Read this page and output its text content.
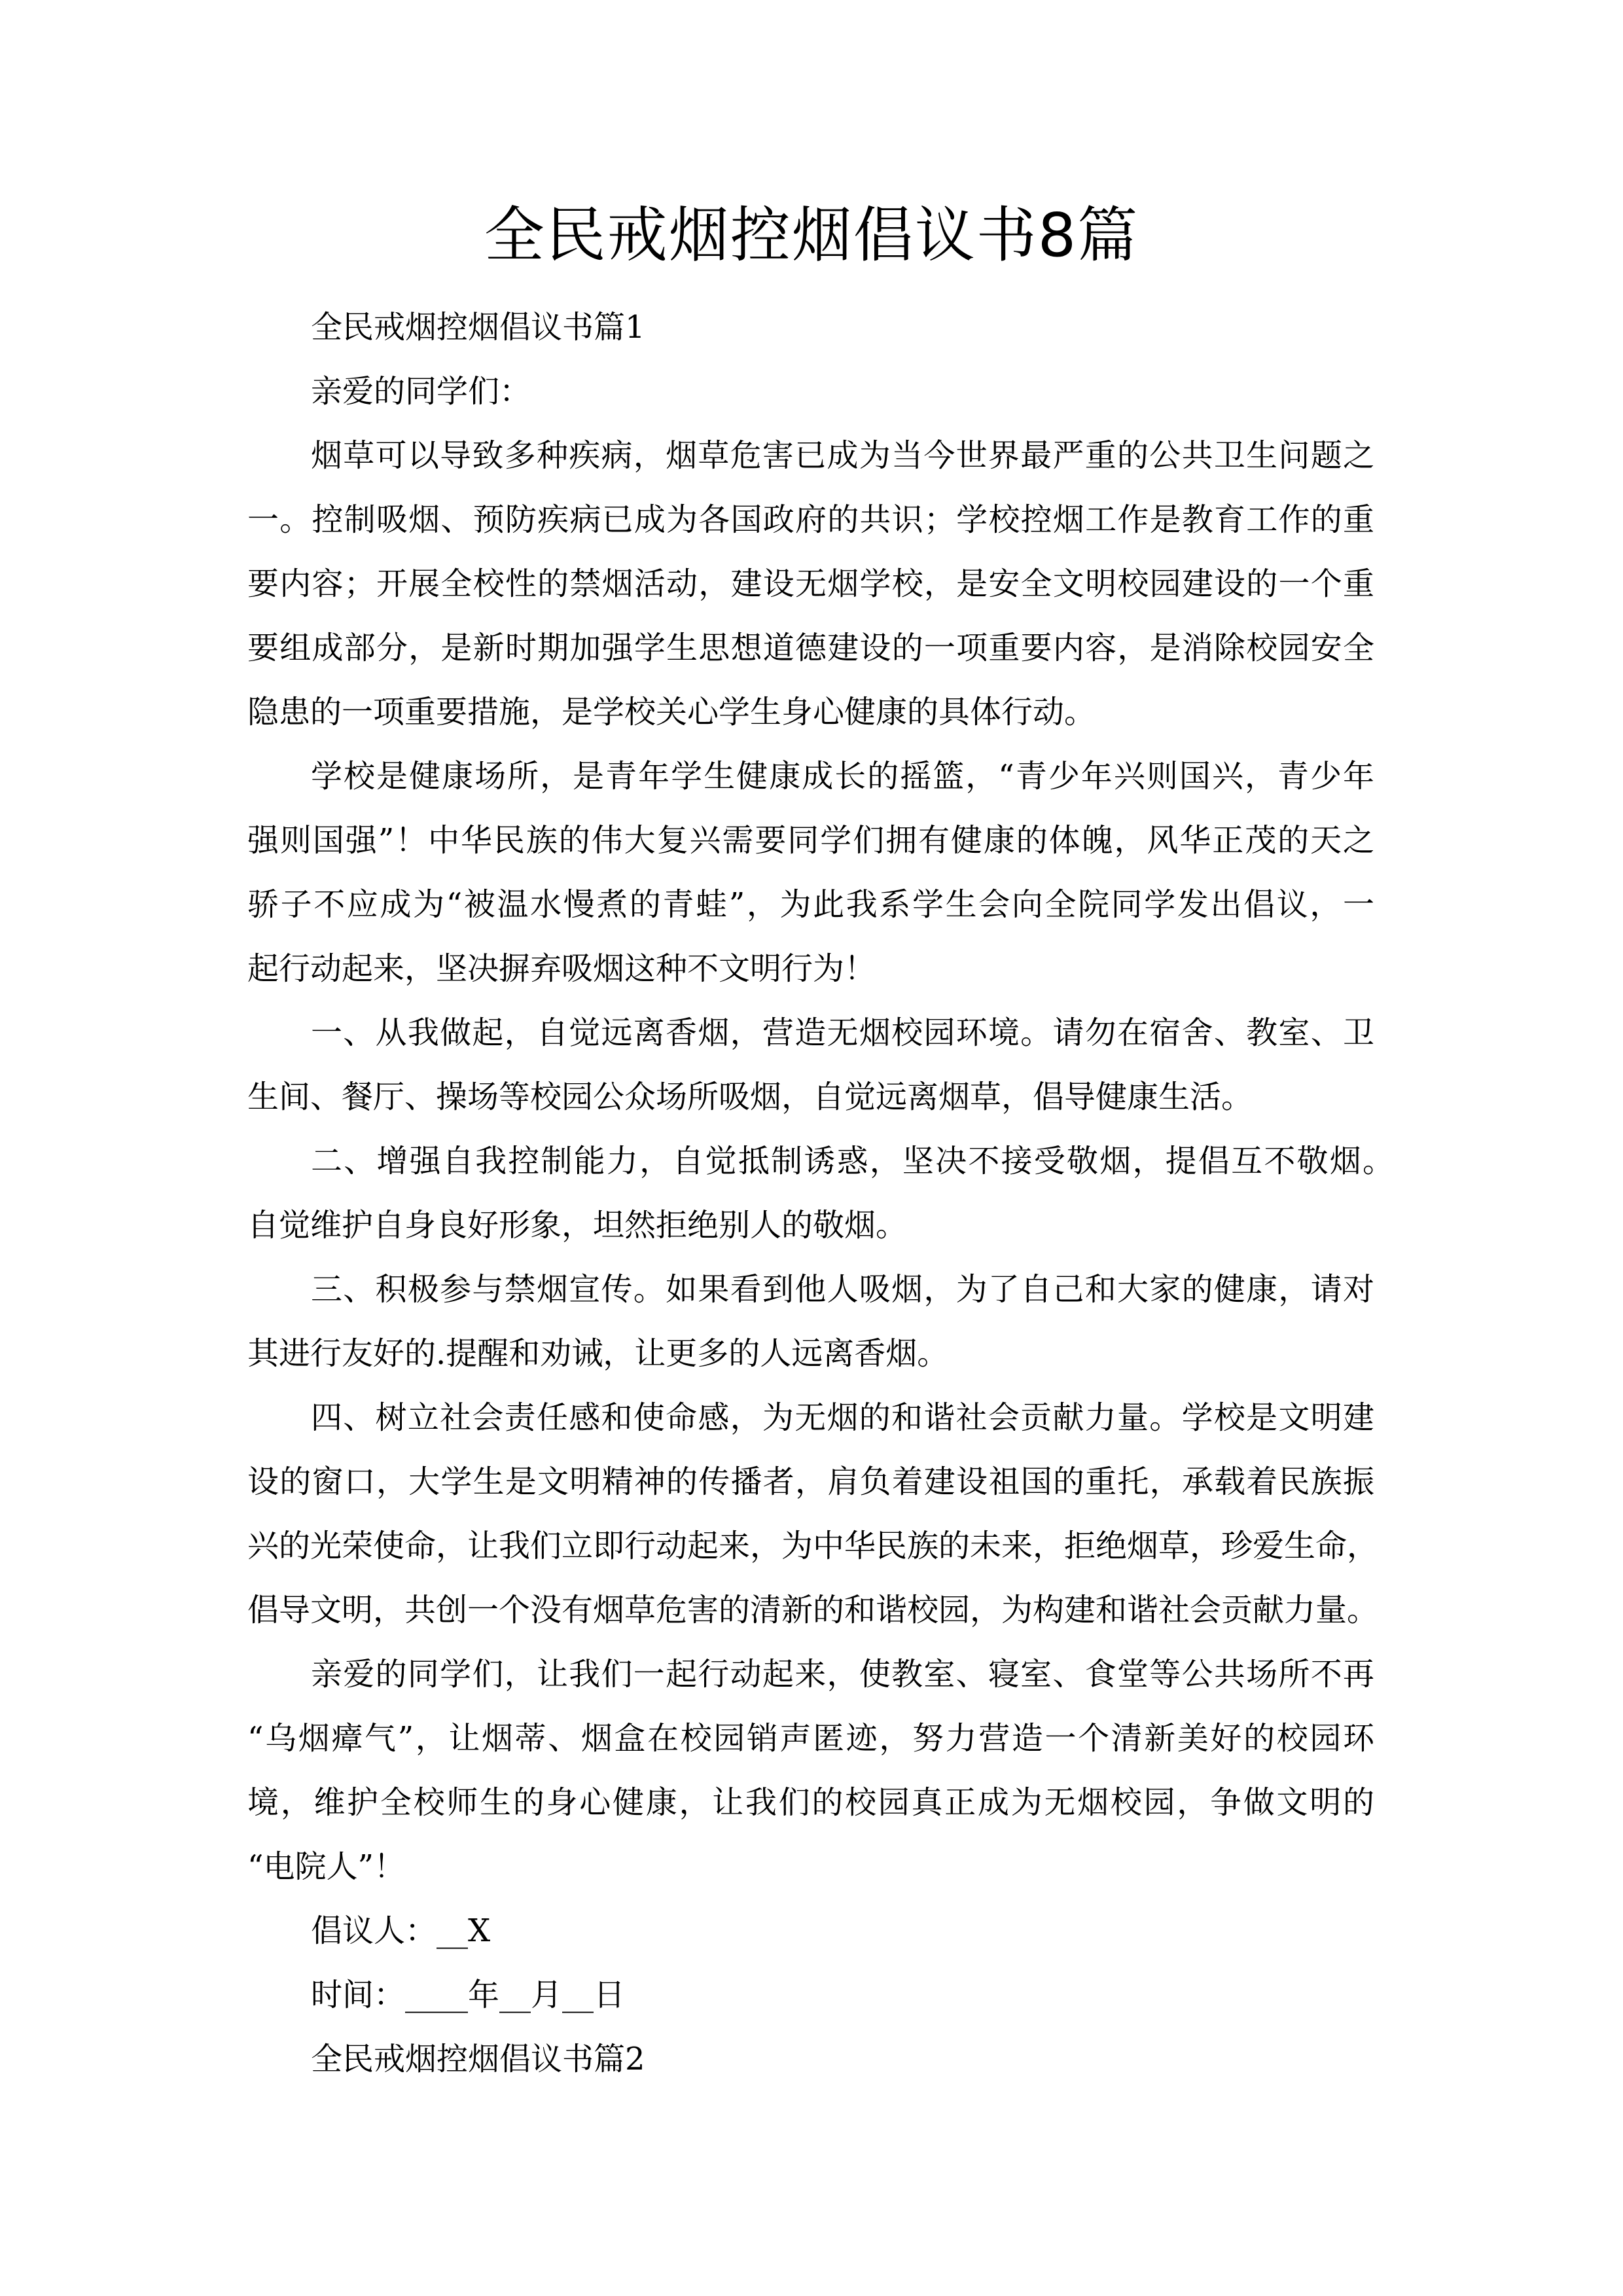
全民戒烟控烟倡议书8篇
全民戒烟控烟倡议书篇1
亲爱的同学们：
烟草可以导致多种疾病，烟草危害已成为当今世界最严重的公共卫生问题之
一。控制吸烟、预防疾病已成为各国政府的共识；学校控烟工作是教育工作的重
要内容；开展全校性的禁烟活动，建设无烟学校，是安全文明校园建设的一个重
要组成部分，是新时期加强学生思想道德建设的一项重要内容，是消除校园安全
隐患的一项重要措施，是学校关心学生身心健康的具体行动。
学校是健康场所，是青年学生健康成长的摇篮，“青少年兴则国兴，青少年
强则国强”！中华民族的伟大复兴需要同学们拥有健康的体魄，风华正茂的天之
骄子不应成为“被温水慢煮的青蛙”，为此我系学生会向全院同学发出倡议，一
起行动起来，坚决摒弃吸烟这种不文明行为！
一、从我做起，自觉远离香烟，营造无烟校园环境。请勿在宿舍、教室、卫
生间、餐厅、操场等校园公众场所吸烟，自觉远离烟草，倡导健康生活。
二、增强自我控制能力，自觉抵制诱惑，坚决不接受敬烟，提倡互不敬烟。
自觉维护自身良好形象，坦然拒绝别人的敬烟。
三、积极参与禁烟宣传。如果看到他人吸烟，为了自己和大家的健康，请对
其进行友好的.提醒和劝诫，让更多的人远离香烟。
四、树立社会责任感和使命感，为无烟的和谐社会贡献力量。学校是文明建
设的窗口，大学生是文明精神的传播者，肩负着建设祖国的重托，承载着民族振
兴的光荣使命，让我们立即行动起来，为中华民族的未来，拒绝烟草，珍爱生命，
倡导文明，共创一个没有烟草危害的清新的和谐校园，为构建和谐社会贡献力量。
亲爱的同学们，让我们一起行动起来，使教室、寝室、食堂等公共场所不再
“乌烟瘴气”，让烟蒂、烟盒在校园销声匿迹，努力营造一个清新美好的校园环
境，维护全校师生的身心健康，让我们的校园真正成为无烟校园，争做文明的
“电院人”！
倡议人：__X
时间：____年__月__日
全民戒烟控烟倡议书篇2
